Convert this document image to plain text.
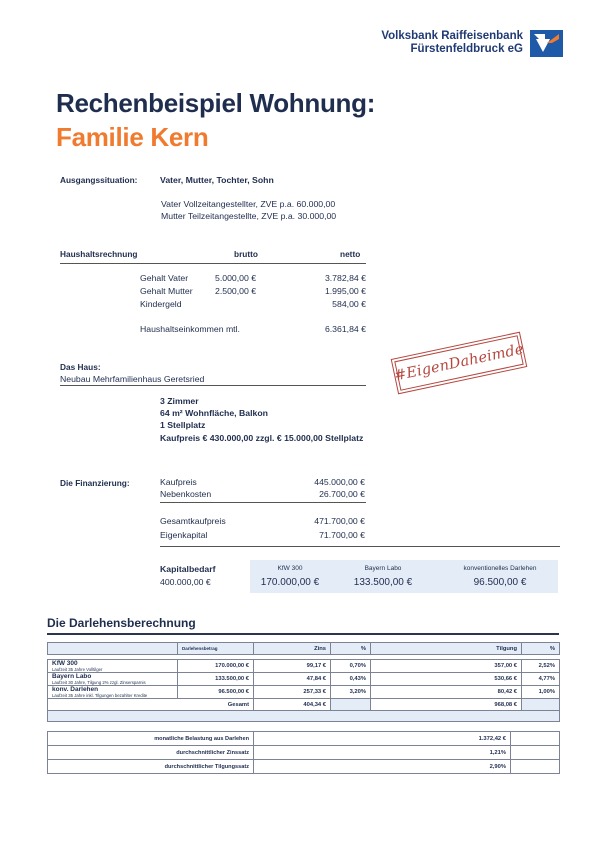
Volksbank Raiffeisenbank
Fürstenfeldbruck eG
Rechenbeispiel Wohnung:
Familie Kern
Ausgangssituation:	Vater, Mutter, Tochter, Sohn
Vater Vollzeitangestellter, ZVE p.a. 60.000,00
Mutter Teilzeitangestellte, ZVE p.a. 30.000,00
Haushaltsrechnung	brutto	netto
Gehalt Vater	5.000,00 €	3.782,84 €
Gehalt Mutter	2.500,00 €	1.995,00 €
Kindergeld	584,00 €
Haushaltseinkommen mtl.	6.361,84 €
Das Haus:
Neubau Mehrfamilienhaus Geretsried	#EigenDaheimde
3 Zimmer
64 m² Wohnfläche, Balkon
1 Stellplatz
Kaufpreis € 430.000,00 zzgl. € 15.000,00 Stellplatz
Die Finanzierung:	Kaufpreis	445.000,00 €
Nebenkosten	26.700,00 €
Gesamtkaufpreis	471.700,00 €
Eigenkapital	71.700,00 €
Kapitalbedarf
400.000,00 €
KfW 300
170.000,00 €
Bayern Labo
133.500,00 €
konventionelles Darlehen
96.500,00 €
Die Darlehensberechnung
	Darlehensbetrag	Zins	%	Tilgung	%

KfW 300
Laufzeit 35 Jahre Volltilger	170.000,00 €	99,17 €	0,70%	357,00 €	2,52%

Bayern Labo
Laufzeit 30 Jahre, Tilgung 2% zzgl. Zinsersparnis	133.500,00 €	47,84 €	0,43%	530,66 €	4,77%

konv. Darlehen
Laufzeit 35 Jahre inkl. Tilgungen bezahlter Kredite	96.500,00 €	257,33 €	3,20%	80,42 €	1,00%
Gesamt		404,34 €		968,08 €	

monatliche Belastung aus Darlehen	1.372,42 €	
durchschnittlicher Zinssatz	1,21%	
durchschnittlicher Tilgungssatz	2,90%	
